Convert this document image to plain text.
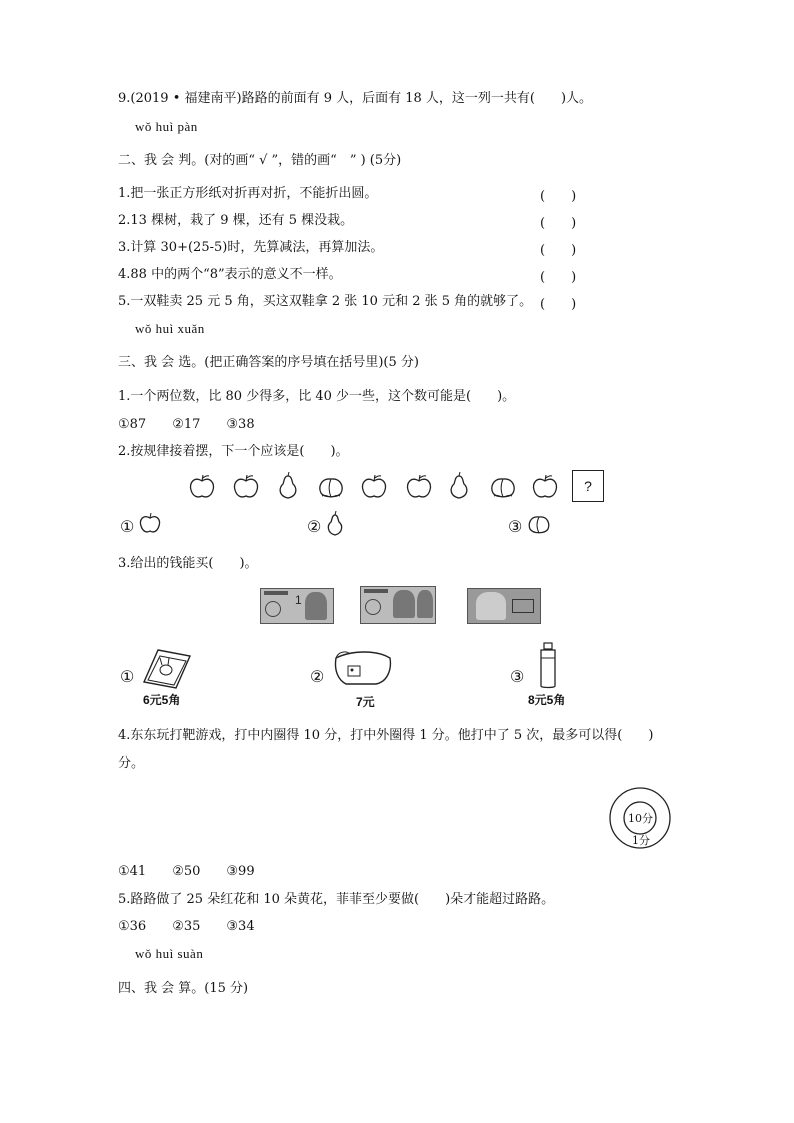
9.(2019 • 福建南平)路路的前面有 9 人，后面有 18 人，这一列一共有(　　)人。
wǒ huì pàn
二、我 会 判。(对的画“ √ ”，错的画“　” ) (5分)
1.把一张正方形纸对折再对折，不能折出圆。	(　　)
2.13 棵树，栽了 9 棵，还有 5 棵没栽。	(　　)
3.计算 30+(25-5)时，先算减法，再算加法。	(　　)
4.88 中的两个“8”表示的意义不一样。	(　　)
5.一双鞋卖 25 元 5 角，买这双鞋拿 2 张 10 元和 2 张 5 角的就够了。 (　　)
wǒ huì xuǎn
三、我 会 选。(把正确答案的序号填在括号里)(5 分)
1.一个两位数，比 80 少得多，比 40 少一些，这个数可能是(　　)。
①87　　②17　　③38
2.按规律接着摆，下一个应该是(　　)。
?
①	②	③
3.给出的钱能买(　　)。
1
①
6元5角
②
7元
③
8元5角
4.东东玩打靶游戏，打中内圈得 10 分，打中外圈得 1 分。他打中了 5 次，最多可以得(　　)
分。
10分
1分
①41　　②50　　③99
5.路路做了 25 朵红花和 10 朵黄花，菲菲至少要做(　　)朵才能超过路路。
①36　　②35　　③34
wǒ huì suàn
四、我 会 算。(15 分)
